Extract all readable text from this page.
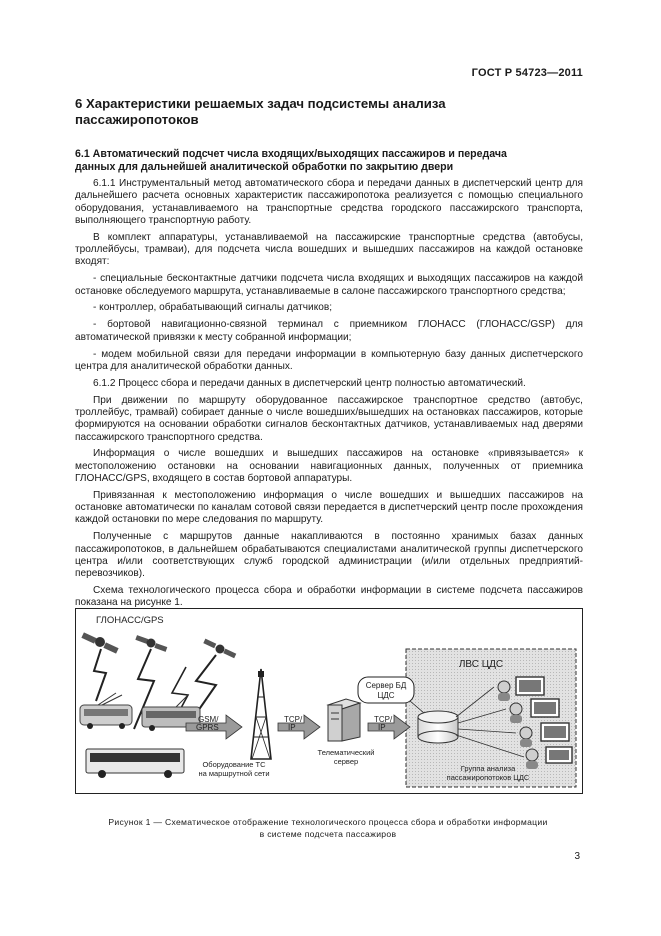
ГОСТ Р 54723—2011
6 Характеристики решаемых задач подсистемы анализа
пассажиропотоков
6.1 Автоматический подсчет числа входящих/выходящих пассажиров и передача
данных для дальнейшей аналитической обработки по закрытию двери

6.1.1 Инструментальный метод автоматического сбора и передачи данных в диспетчерский центр для дальнейшего расчета основных характеристик пассажиропотока реализуется с помощью специального оборудования, устанавливаемого на транспортные средства городского пассажирского транспорта, выполняющего транспортную работу.

В комплект аппаратуры, устанавливаемой на пассажирские транспортные средства (автобусы, троллейбусы, трамваи), для подсчета числа вошедших и вышедших пассажиров на каждой остановке входят:

- специальные бесконтактные датчики подсчета числа входящих и выходящих пассажиров на каждой остановке обследуемого маршрута, устанавливаемые в салоне пассажирского транспортного средства;

- контроллер, обрабатывающий сигналы датчиков;

- бортовой навигационно-связной терминал с приемником ГЛОНАСС (ГЛОНАСС/GSP) для автоматической привязки к месту собранной информации;

- модем мобильной связи для передачи информации в компьютерную базу данных диспетчерского центра для аналитической обработки данных.

6.1.2 Процесс сбора и передачи данных в диспетчерский центр полностью автоматический.

При движении по маршруту оборудованное пассажирское транспортное средство (автобус, троллейбус, трамвай) собирает данные о числе вошедших/вышедших на остановках пассажиров, которые формируются на основании обработки сигналов бесконтактных датчиков, устанавливаемых над дверями пассажирского транспортного средства.

Информация о числе вошедших и вышедших пассажиров на остановке «привязывается» к местоположению остановки на основании навигационных данных, полученных от приемника ГЛОНАСС/GPS, входящего в состав бортовой аппаратуры.

Привязанная к местоположению информация о числе вошедших и вышедших пассажиров на остановке автоматически по каналам сотовой связи передается в диспетчерский центр после прохождения каждой остановки по мере следования по маршруту.

Полученные с маршрутов данные накапливаются в постоянно хранимых базах данных пассажиропотоков, в дальнейшем обрабатываются специалистами аналитической группы диспетчерского центра и/или соответствующих служб городской администрации (и/или отдельных предприятий-перевозчиков).

Схема технологического процесса сбора и обработки информации в системе подсчета пассажиров показана на рисунке 1.

ЛВС ЦДС
ГЛОНАСС/GPS
GSM/
GPRS
Оборудование ТС
на маршрутной сети
TCP/
IP
Телематический
сервер
TCP/
IP
Сервер БД
ЦДС
Группа анализа
пассажиропотоков ЦДС
Рисунок 1 — Схематическое отображение технологического процесса сбора и обработки информации
в системе подсчета пассажиров
3
